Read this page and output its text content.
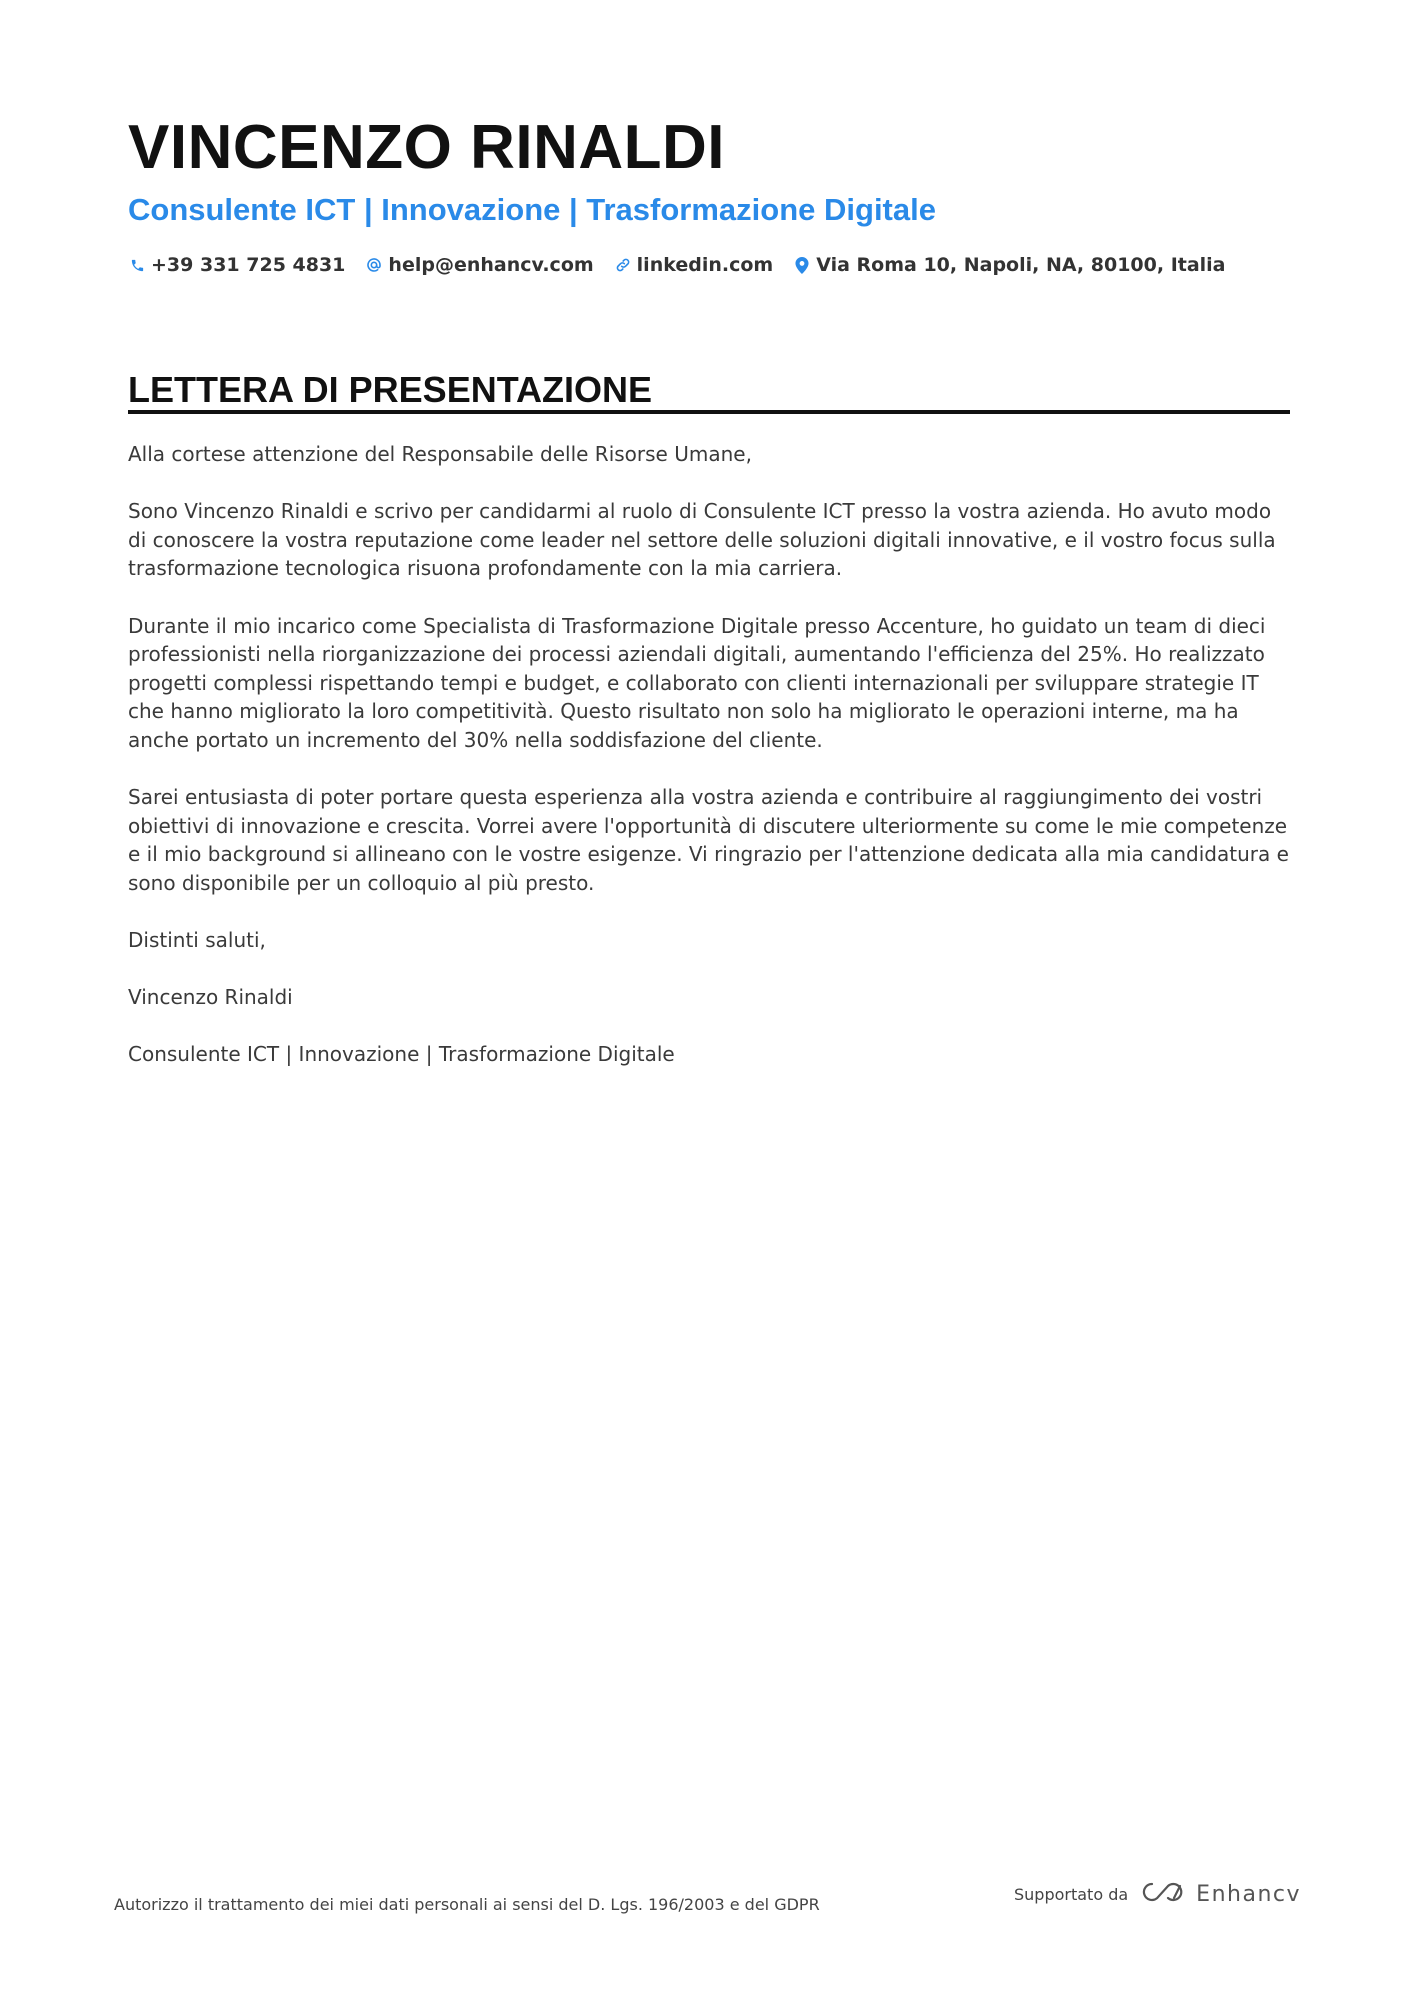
VINCENZO RINALDI
Consulente ICT | Innovazione | Trasformazione Digitale
+39 331 725 4831 help@enhancv.com linkedin.com Via Roma 10, Napoli, NA, 80100, Italia
LETTERA DI PRESENTAZIONE

Alla cortese attenzione del Responsabile delle Risorse Umane,

Sono Vincenzo Rinaldi e scrivo per candidarmi al ruolo di Consulente ICT presso la vostra azienda. Ho avuto modo di conoscere la vostra reputazione come leader nel settore delle soluzioni digitali innovative, e il vostro focus sulla trasformazione tecnologica risuona profondamente con la mia carriera.

Durante il mio incarico come Specialista di Trasformazione Digitale presso Accenture, ho guidato un team di dieci professionisti nella riorganizzazione dei processi aziendali digitali, aumentando l'efficienza del 25%. Ho realizzato progetti complessi rispettando tempi e budget, e collaborato con clienti internazionali per sviluppare strategie IT che hanno migliorato la loro competitività. Questo risultato non solo ha migliorato le operazioni interne, ma ha anche portato un incremento del 30% nella soddisfazione del cliente.

Sarei entusiasta di poter portare questa esperienza alla vostra azienda e contribuire al raggiungimento dei vostri obiettivi di innovazione e crescita. Vorrei avere l'opportunità di discutere ulteriormente su come le mie competenze e il mio background si allineano con le vostre esigenze. Vi ringrazio per l'attenzione dedicata alla mia candidatura e sono disponibile per un colloquio al più presto.

Distinti saluti,

Vincenzo Rinaldi

Consulente ICT | Innovazione | Trasformazione Digitale

Autorizzo il trattamento dei miei dati personali ai sensi del D. Lgs. 196/2003 e del GDPR
Supportato da	Enhancv
